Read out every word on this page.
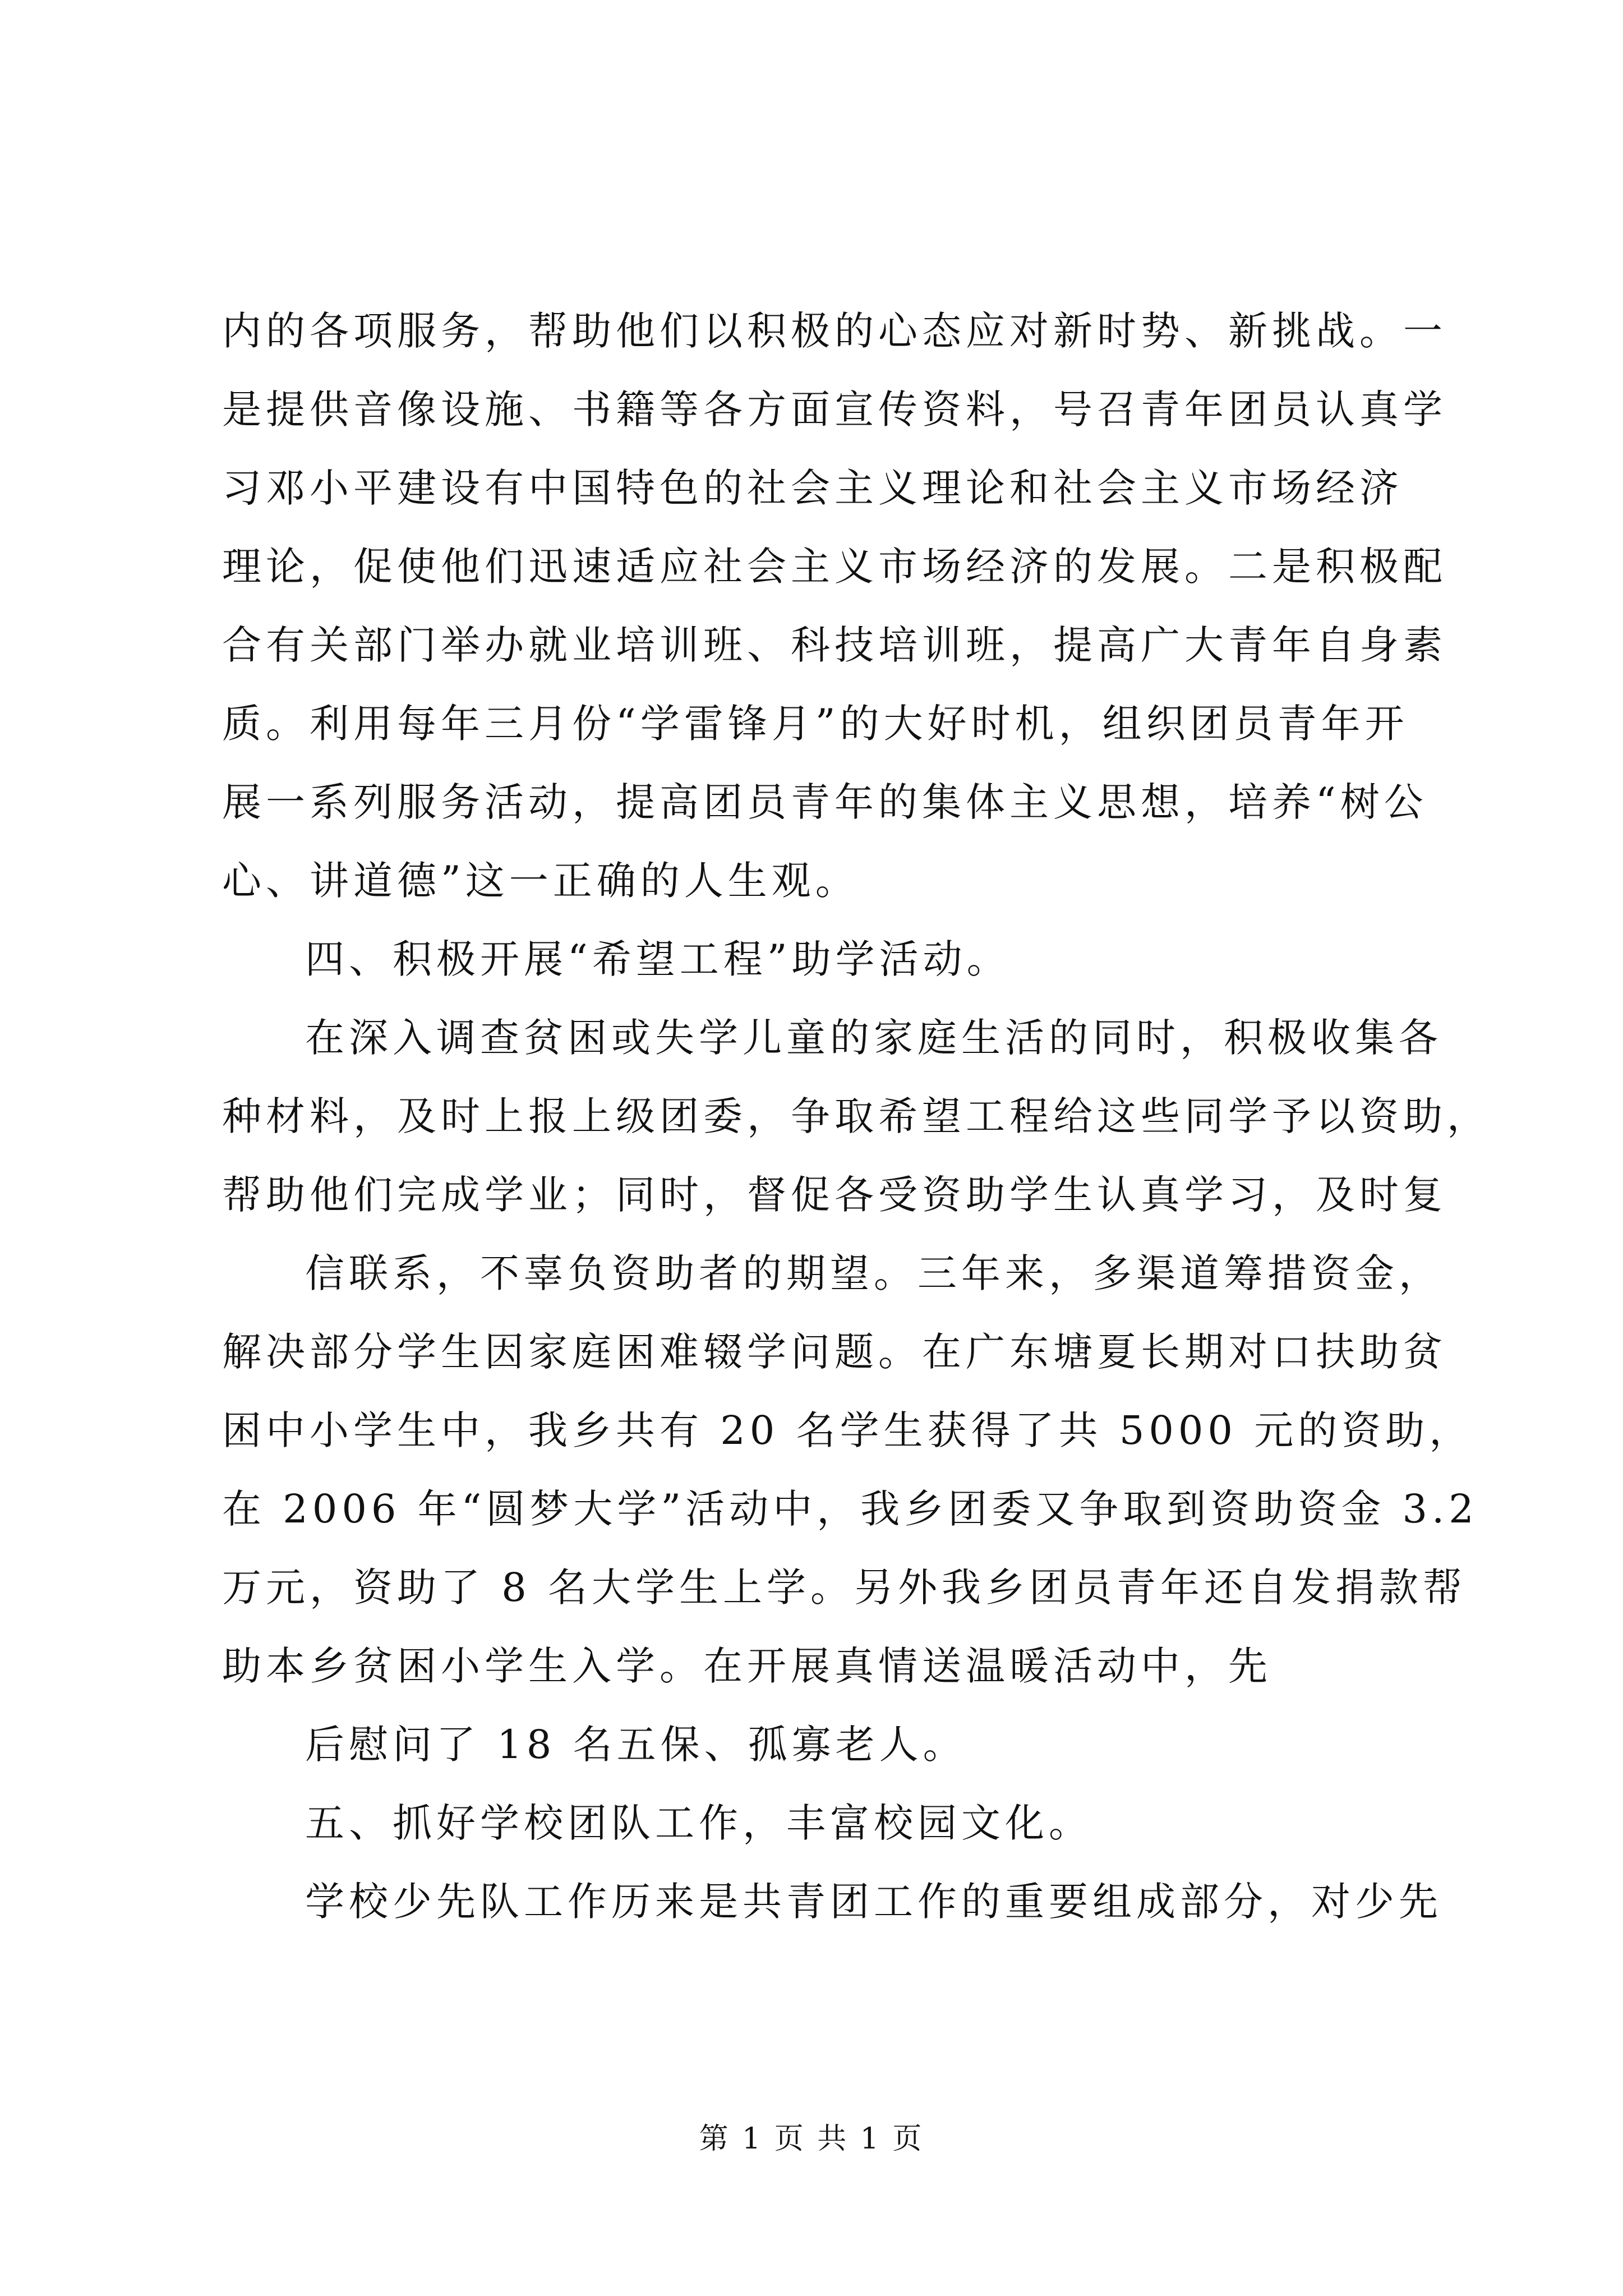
内的各项服务，帮助他们以积极的心态应对新时势、新挑战。一
是提供音像设施、书籍等各方面宣传资料，号召青年团员认真学
习邓小平建设有中国特色的社会主义理论和社会主义市场经济
理论，促使他们迅速适应社会主义市场经济的发展。二是积极配
合有关部门举办就业培训班、科技培训班，提高广大青年自身素
质。利用每年三月份“学雷锋月”的大好时机，组织团员青年开
展一系列服务活动，提高团员青年的集体主义思想，培养“树公
心、讲道德”这一正确的人生观。
四、积极开展“希望工程”助学活动。
在深入调查贫困或失学儿童的家庭生活的同时，积极收集各
种材料，及时上报上级团委，争取希望工程给这些同学予以资助，
帮助他们完成学业；同时，督促各受资助学生认真学习，及时复
信联系，不辜负资助者的期望。三年来，多渠道筹措资金，
解决部分学生因家庭困难辍学问题。在广东塘夏长期对口扶助贫
困中小学生中，我乡共有 20 名学生获得了共 5000 元的资助，
在 2006 年“圆梦大学”活动中，我乡团委又争取到资助资金 3.2
万元，资助了 8 名大学生上学。另外我乡团员青年还自发捐款帮
助本乡贫困小学生入学。在开展真情送温暖活动中，先
后慰问了 18 名五保、孤寡老人。
五、抓好学校团队工作，丰富校园文化。
学校少先队工作历来是共青团工作的重要组成部分，对少先
第 1 页 共 1 页
